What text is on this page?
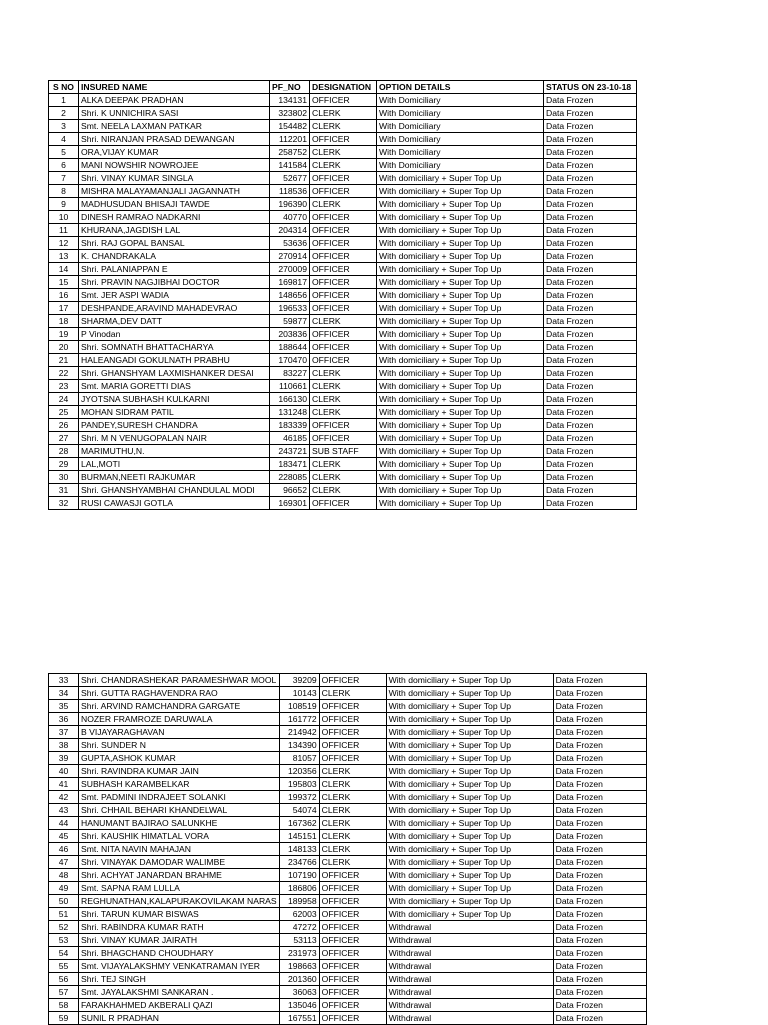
S NO	INSURED NAME	PF_NO	DESIGNATION	OPTION DETAILS	STATUS ON 23-10-18
1	ALKA DEEPAK PRADHAN	134131	OFFICER	With Domiciliary	Data Frozen
2	Shri. K UNNICHIRA SASI	323802	CLERK	With Domiciliary	Data Frozen
3	Smt. NEELA LAXMAN PATKAR	154482	CLERK	With Domiciliary	Data Frozen
4	Shri. NIRANJAN PRASAD DEWANGAN	112201	OFFICER	With Domiciliary	Data Frozen
5	ORA,VIJAY KUMAR	258752	CLERK	With Domiciliary	Data Frozen
6	MANI NOWSHIR NOWROJEE	141584	CLERK	With Domiciliary	Data Frozen
7	Shri. VINAY KUMAR SINGLA	52677	OFFICER	With domiciliary + Super Top Up	Data Frozen
8	MISHRA MALAYAMANJALI JAGANNATH	118536	OFFICER	With domiciliary + Super Top Up	Data Frozen
9	MADHUSUDAN BHISAJI TAWDE	196390	CLERK	With domiciliary + Super Top Up	Data Frozen
10	DINESH RAMRAO NADKARNI	40770	OFFICER	With domiciliary + Super Top Up	Data Frozen
11	KHURANA,JAGDISH LAL	204314	OFFICER	With domiciliary + Super Top Up	Data Frozen
12	Shri. RAJ GOPAL BANSAL	53636	OFFICER	With domiciliary + Super Top Up	Data Frozen
13	K. CHANDRAKALA	270914	OFFICER	With domiciliary + Super Top Up	Data Frozen
14	Shri. PALANIAPPAN E	270009	OFFICER	With domiciliary + Super Top Up	Data Frozen
15	Shri. PRAVIN NAGJIBHAI DOCTOR	169817	OFFICER	With domiciliary + Super Top Up	Data Frozen
16	Smt. JER ASPI WADIA	148656	OFFICER	With domiciliary + Super Top Up	Data Frozen
17	DESHPANDE,ARAVIND MAHADEVRAO	196533	OFFICER	With domiciliary + Super Top Up	Data Frozen
18	SHARMA,DEV DATT	59877	CLERK	With domiciliary + Super Top Up	Data Frozen
19	P Vinodan	203836	OFFICER	With domiciliary + Super Top Up	Data Frozen
20	Shri. SOMNATH BHATTACHARYA	188644	OFFICER	With domiciliary + Super Top Up	Data Frozen
21	HALEANGADI GOKULNATH PRABHU	170470	OFFICER	With domiciliary + Super Top Up	Data Frozen
22	Shri. GHANSHYAM LAXMISHANKER DESAI	83227	CLERK	With domiciliary + Super Top Up	Data Frozen
23	Smt. MARIA GORETTI DIAS	110661	CLERK	With domiciliary + Super Top Up	Data Frozen
24	JYOTSNA SUBHASH KULKARNI	166130	CLERK	With domiciliary + Super Top Up	Data Frozen
25	MOHAN SIDRAM PATIL	131248	CLERK	With domiciliary + Super Top Up	Data Frozen
26	PANDEY,SURESH CHANDRA	183339	OFFICER	With domiciliary + Super Top Up	Data Frozen
27	Shri. M N VENUGOPALAN NAIR	46185	OFFICER	With domiciliary + Super Top Up	Data Frozen
28	MARIMUTHU,N.	243721	SUB STAFF	With domiciliary + Super Top Up	Data Frozen
29	LAL,MOTI	183471	CLERK	With domiciliary + Super Top Up	Data Frozen
30	BURMAN,NEETI RAJKUMAR	228085	CLERK	With domiciliary + Super Top Up	Data Frozen
31	Shri. GHANSHYAMBHAI CHANDULAL MODI	96652	CLERK	With domiciliary + Super Top Up	Data Frozen
32	RUSI CAWASJI GOTLA	169301	OFFICER	With domiciliary + Super Top Up	Data Frozen
33	Shri. CHANDRASHEKAR PARAMESHWAR MOOL	39209	OFFICER	With domiciliary + Super Top Up	Data Frozen
34	Shri. GUTTA RAGHAVENDRA RAO	10143	CLERK	With domiciliary + Super Top Up	Data Frozen
35	Shri. ARVIND RAMCHANDRA GARGATE	108519	OFFICER	With domiciliary + Super Top Up	Data Frozen
36	NOZER FRAMROZE DARUWALA	161772	OFFICER	With domiciliary + Super Top Up	Data Frozen
37	B VIJAYARAGHAVAN	214942	OFFICER	With domiciliary + Super Top Up	Data Frozen
38	Shri. SUNDER N	134390	OFFICER	With domiciliary + Super Top Up	Data Frozen
39	GUPTA,ASHOK KUMAR	81057	OFFICER	With domiciliary + Super Top Up	Data Frozen
40	Shri. RAVINDRA KUMAR JAIN	120356	CLERK	With domiciliary + Super Top Up	Data Frozen
41	SUBHASH KARAMBELKAR	195803	CLERK	With domiciliary + Super Top Up	Data Frozen
42	Smt. PADMINI INDRAJEET SOLANKI	199372	CLERK	With domiciliary + Super Top Up	Data Frozen
43	Shri. CHHAIL BEHARI KHANDELWAL	54074	CLERK	With domiciliary + Super Top Up	Data Frozen
44	HANUMANT BAJIRAO SALUNKHE	167362	CLERK	With domiciliary + Super Top Up	Data Frozen
45	Shri. KAUSHIK HIMATLAL VORA	145151	CLERK	With domiciliary + Super Top Up	Data Frozen
46	Smt. NITA NAVIN MAHAJAN	148133	CLERK	With domiciliary + Super Top Up	Data Frozen
47	Shri. VINAYAK DAMODAR WALIMBE	234766	CLERK	With domiciliary + Super Top Up	Data Frozen
48	Shri. ACHYAT JANARDAN BRAHME	107190	OFFICER	With domiciliary + Super Top Up	Data Frozen
49	Smt. SAPNA RAM LULLA	186806	OFFICER	With domiciliary + Super Top Up	Data Frozen
50	REGHUNATHAN,KALAPURAKOVILAKAM NARAS	189958	OFFICER	With domiciliary + Super Top Up	Data Frozen
51	Shri. TARUN KUMAR BISWAS	62003	OFFICER	With domiciliary + Super Top Up	Data Frozen
52	Shri. RABINDRA KUMAR RATH	47272	OFFICER	Withdrawal	Data Frozen
53	Shri. VINAY KUMAR JAIRATH	53113	OFFICER	Withdrawal	Data Frozen
54	Shri. BHAGCHAND CHOUDHARY	231973	OFFICER	Withdrawal	Data Frozen
55	Smt. VIJAYALAKSHMY VENKATRAMAN IYER	198663	OFFICER	Withdrawal	Data Frozen
56	Shri. TEJ SINGH	201360	OFFICER	Withdrawal	Data Frozen
57	Smt. JAYALAKSHMI SANKARAN .	36063	OFFICER	Withdrawal	Data Frozen
58	FARAKHAHMED AKBERALI QAZI	135046	OFFICER	Withdrawal	Data Frozen
59	SUNIL R PRADHAN	167551	OFFICER	Withdrawal	Data Frozen
